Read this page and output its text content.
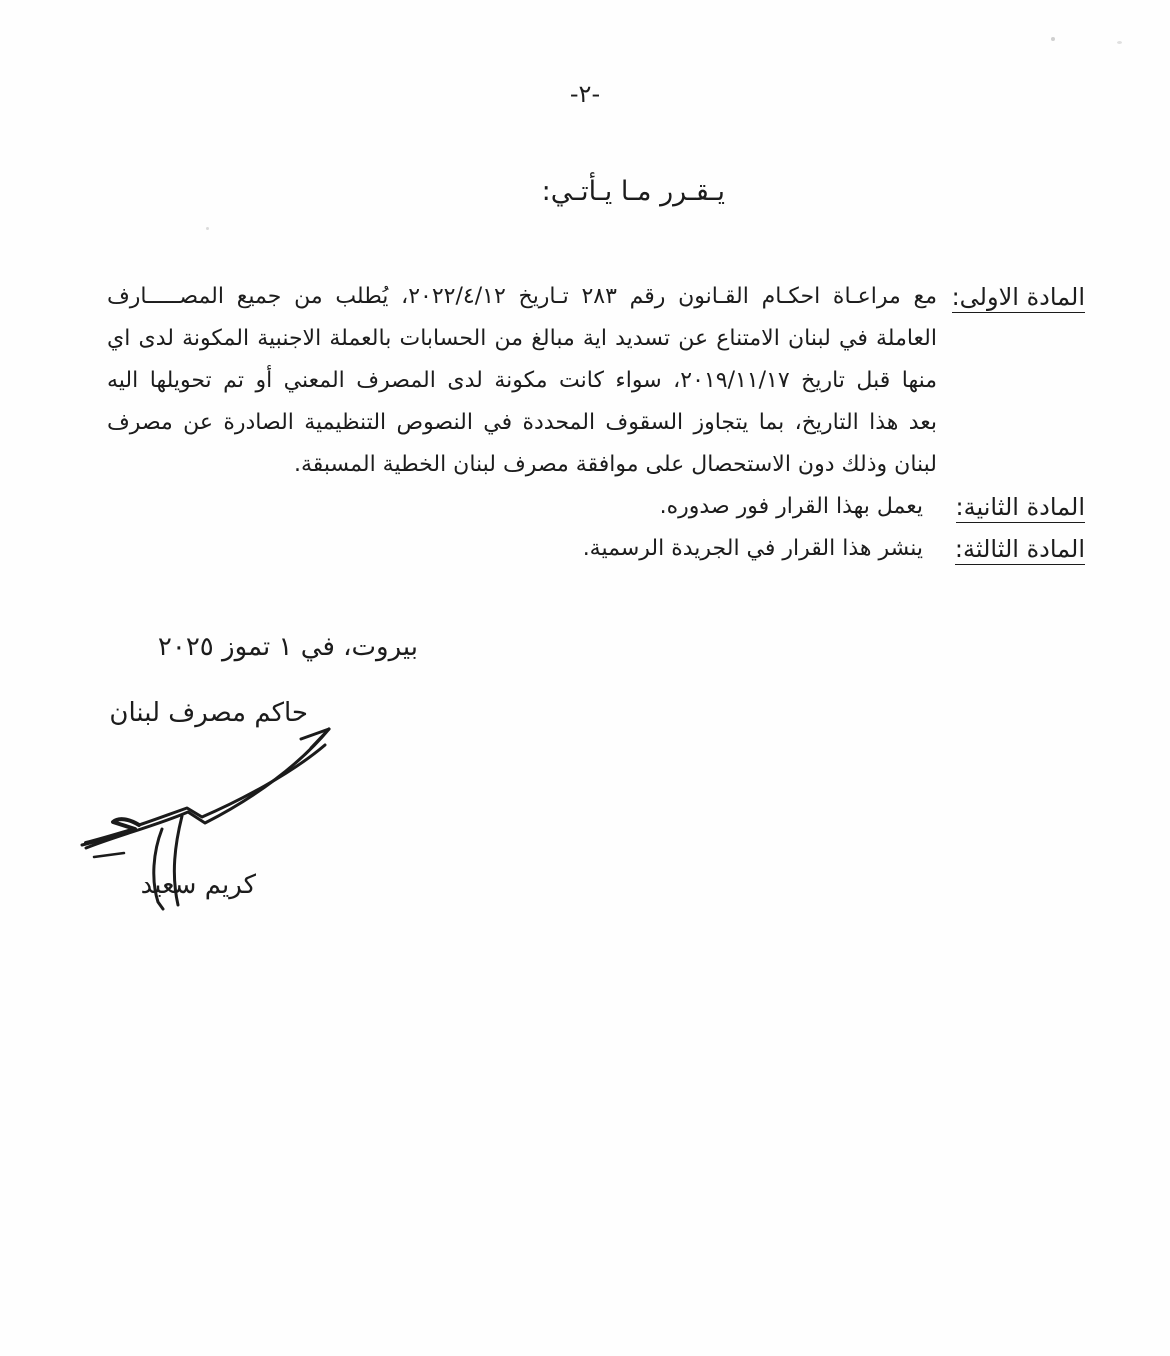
-٢-
يـقـرر مـا يـأتـي:
المادة الاولى:
مع مراعـاة احكـام القـانون رقم ٢٨٣ تـاريخ ٢٠٢٢/٤/١٢، يُطلب من جميع المصـــــارف
العاملة في لبنان الامتناع عن تسديد اية مبالغ من الحسابات بالعملة الاجنبية المكونة لدى اي
منها قبل تاريخ ٢٠١٩/١١/١٧، سواء كانت مكونة لدى المصرف المعني أو تم تحويلها اليه
بعد هذا التاريخ، بما يتجاوز السقوف المحددة في النصوص التنظيمية الصادرة عن مصرف
لبنان وذلك دون الاستحصال على موافقة مصرف لبنان الخطية المسبقة.
المادة الثانية:
يعمل بهذا القرار فور صدوره.
المادة الثالثة:
ينشر هذا القرار في الجريدة الرسمية.
بيروت، في ١ تموز ٢٠٢٥
حاكم مصرف لبنان
كريم سعيد
